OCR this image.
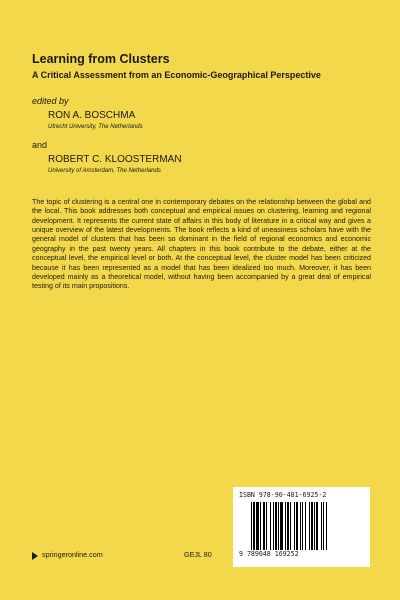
Learning from Clusters
A Critical Assessment from an Economic-Geographical Perspective
edited by
RON A. BOSCHMA
Utrecht University, The Netherlands
and
ROBERT C. KLOOSTERMAN
University of Amsterdam, The Netherlands

The topic of clustering is a central one in contemporary debates on the relationship between the global and the local. This book addresses both conceptual and empirical issues on clustering, learning and regional development. It represents the current state of affairs in this body of literature in a critical way and gives a unique overview of the latest developments. The book reflects a kind of uneasiness scholars have with the general model of clusters that has been so dominant in the field of regional economics and economic geography in the past twenty years. All chapters in this book contribute to the debate, either at the conceptual level, the empirical level or both. At the conceptual level, the cluster model has been criticized because it has been represented as a model that has been idealized too much. Moreover, it has been developed mainly as a theoretical model, without having been accompanied by a great deal of empirical testing of its main propositions.

ISBN 978-90-481-6925-2
9 789048 169252
springeronline.com	GEJL 80
